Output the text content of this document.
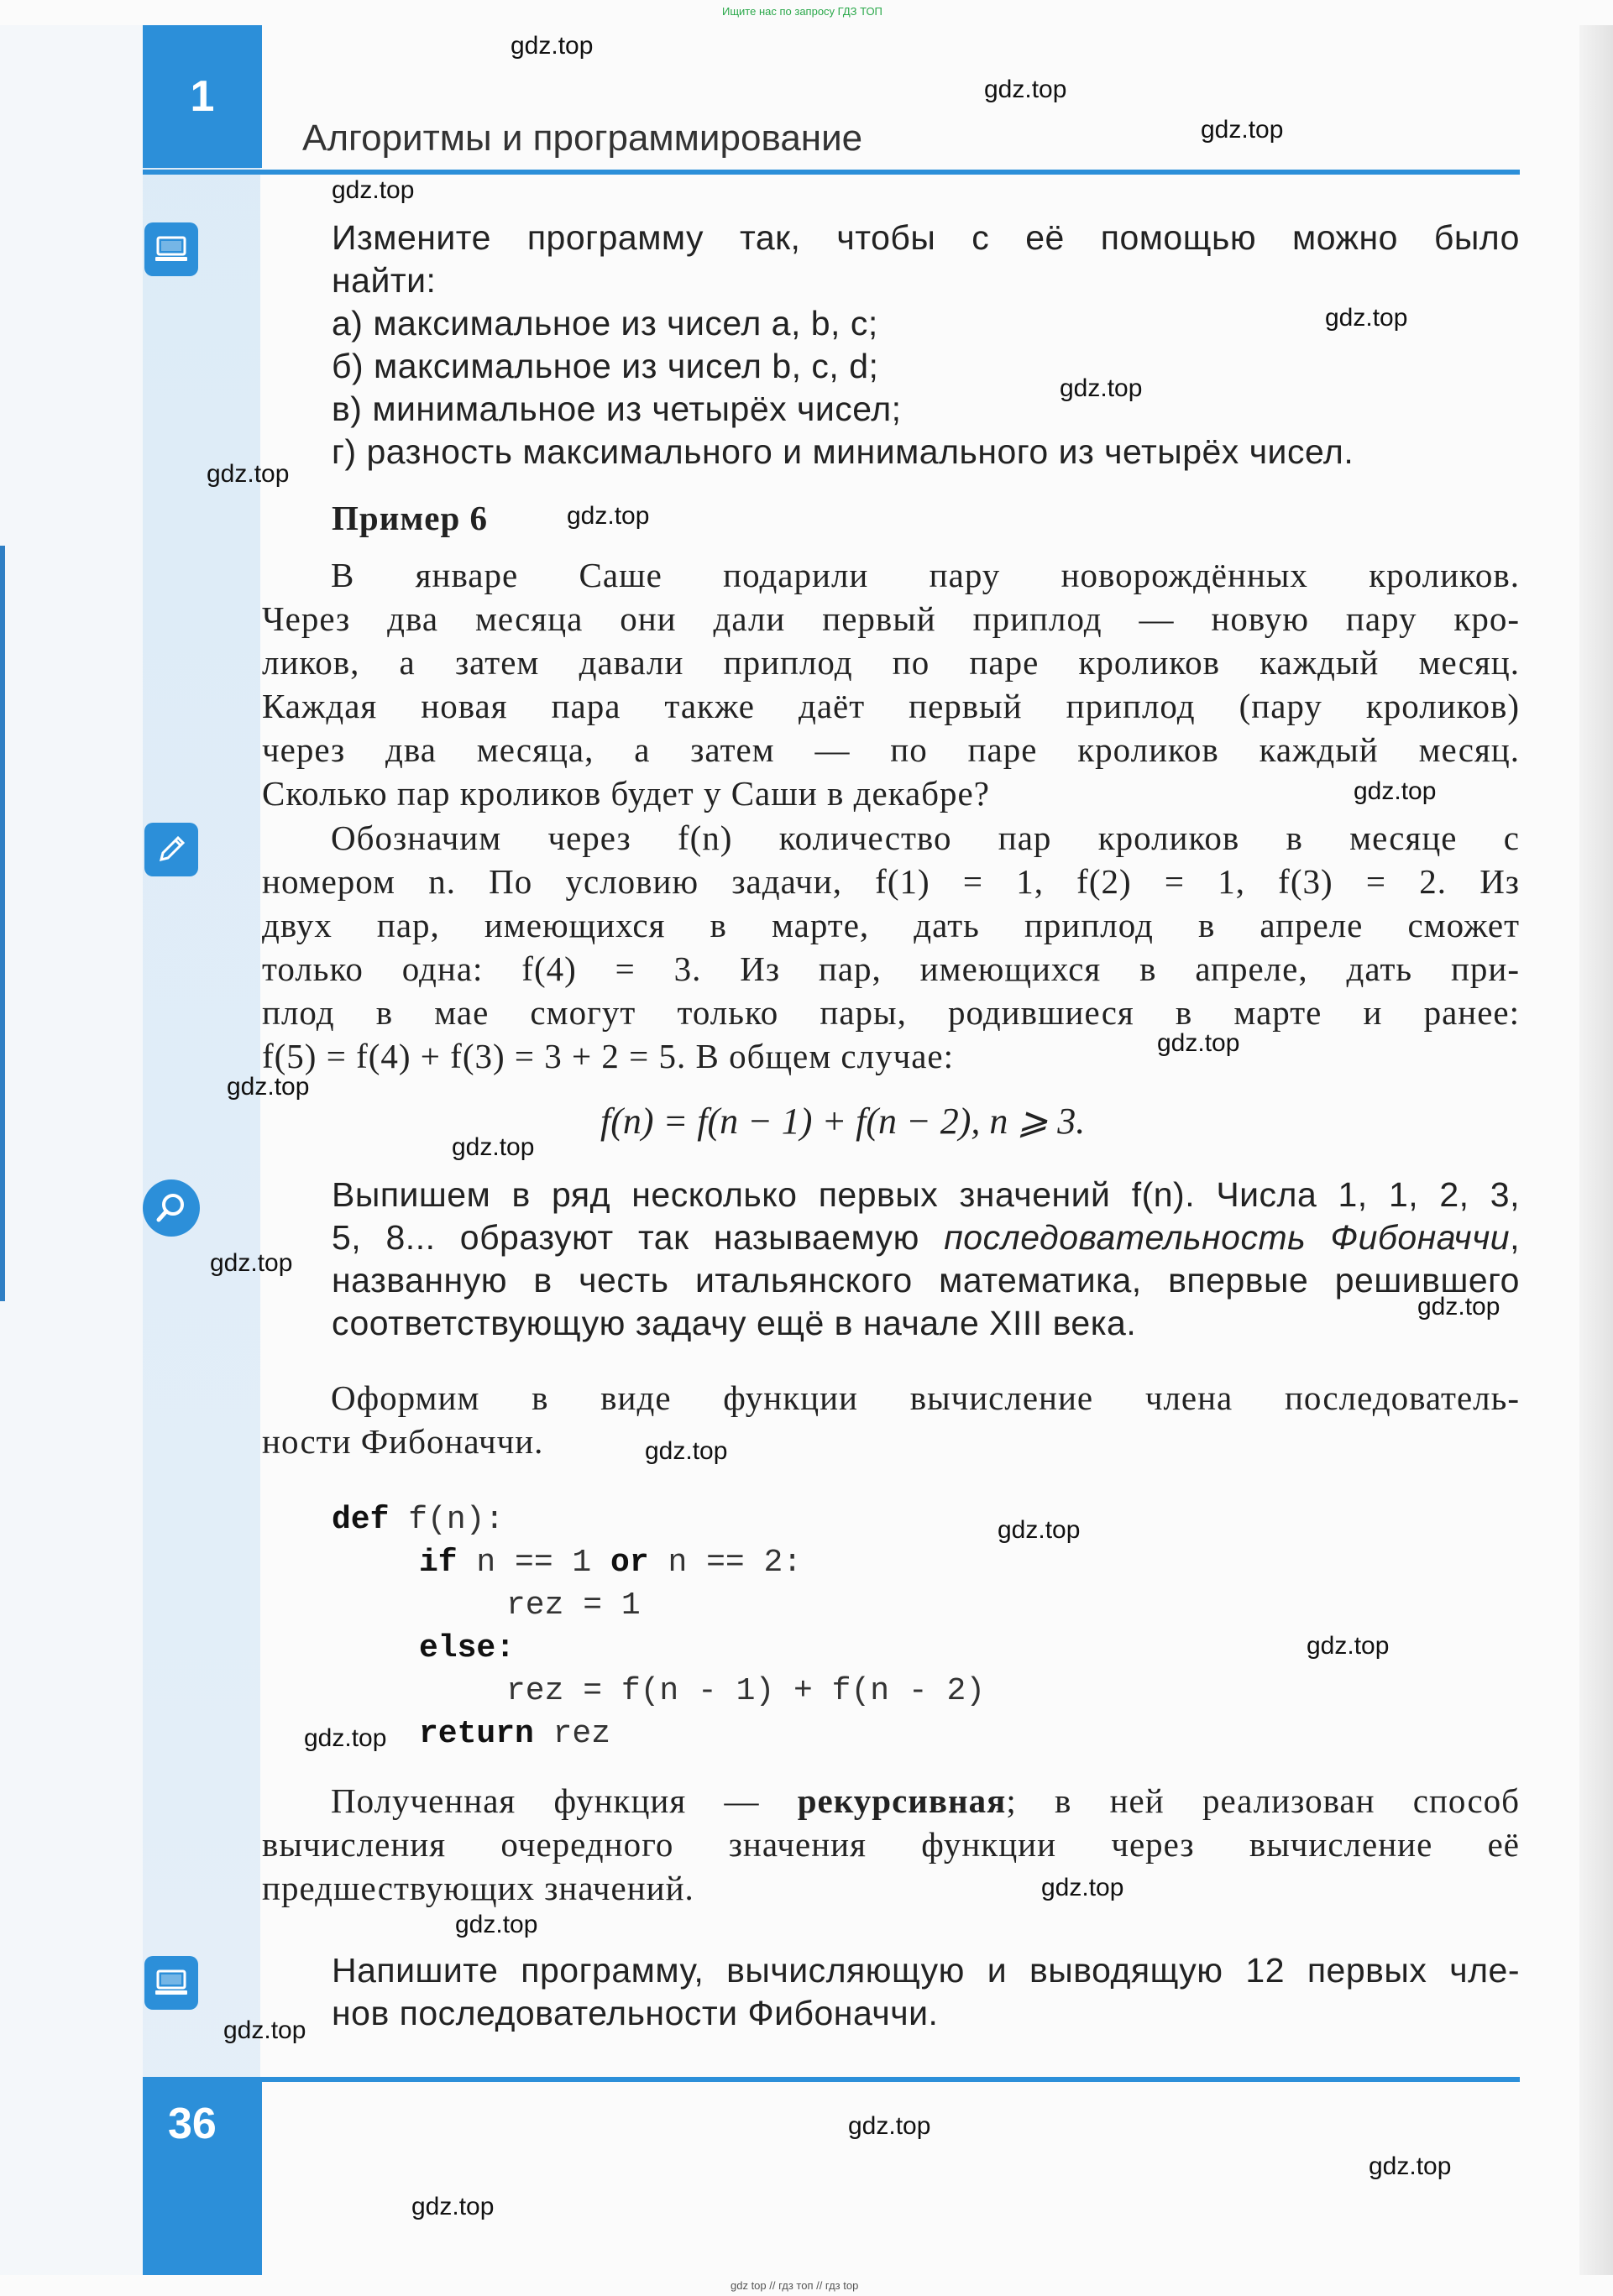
Ищите нас по запросу ГДЗ ТОП
1
Алгоритмы и программирование
Измените программу так, чтобы с её помощью можно было
найти:
а) максимальное из чисел a, b, c;
б) максимальное из чисел b, c, d;
в) минимальное из четырёх чисел;
г) разность максимального и минимального из четырёх чисел.
Пример 6
В январе Саше подарили пару новорождённых кроликов.
Через два месяца они дали первый приплод — новую пару кро-
ликов, а затем давали приплод по паре кроликов каждый месяц.
Каждая новая пара также даёт первый приплод (пару кроликов)
через два месяца, а затем — по паре кроликов каждый месяц.
Сколько пар кроликов будет у Саши в декабре?
Обозначим через f(n) количество пар кроликов в месяце с
номером n. По условию задачи, f(1) = 1, f(2) = 1, f(3) = 2. Из
двух пар, имеющихся в марте, дать приплод в апреле сможет
только одна: f(4) = 3. Из пар, имеющихся в апреле, дать при-
плод в мае смогут только пары, родившиеся в марте и ранее:
f(5) = f(4) + f(3) = 3 + 2 = 5. В общем случае:
f(n) = f(n − 1) + f(n − 2), n ⩾ 3.
Выпишем в ряд несколько первых значений f(n). Числа 1, 1, 2, 3,
5, 8... образуют так называемую последовательность Фибоначчи,
названную в честь итальянского математика, впервые решившего
соответствующую задачу ещё в начале XIII века.
Оформим в виде функции вычисление члена последователь-
ности Фибоначчи.
def f(n):
if n == 1 or n == 2:
rez = 1
else:
rez = f(n - 1) + f(n - 2)
return rez
Полученная функция — рекурсивная; в ней реализован способ
вычисления очередного значения функции через вычисление её
предшествующих значений.
Напишите программу, вычисляющую и выводящую 12 первых чле-
нов последовательности Фибоначчи.
36
gdz.top
gdz.top
gdz.top
gdz.top
gdz.top
gdz.top
gdz.top
gdz.top
gdz.top
gdz.top
gdz.top
gdz.top
gdz.top
gdz.top
gdz.top
gdz.top
gdz.top
gdz.top
gdz.top
gdz.top
gdz.top
gdz.top
gdz.top
gdz.top
gdz top // гдз топ // гдз top
